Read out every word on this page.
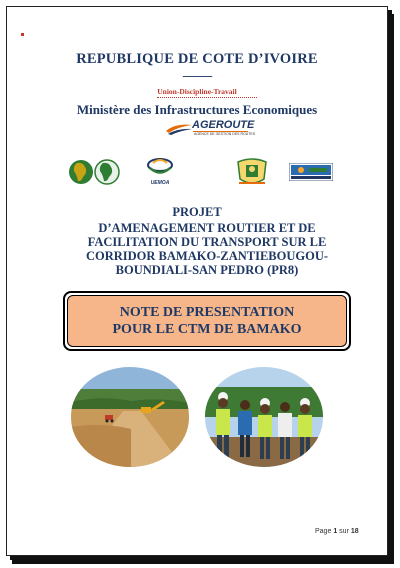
REPUBLIQUE DE COTE D’IVOIRE
-----------
Union-Discipline-Travail
Ministère des Infrastructures Economiques
AGEROUTE
AGENCE DE GESTION DES ROUTES
UEMOA
PROJET
D’AMENAGEMENT ROUTIER ET DE
FACILITATION DU TRANSPORT SUR LE
CORRIDOR BAMAKO-ZANTIEBOUGOU-
BOUNDIALI-SAN PEDRO (PR8)
NOTE DE PRESENTATION
POUR LE CTM DE BAMAKO
Page 1 sur 18
